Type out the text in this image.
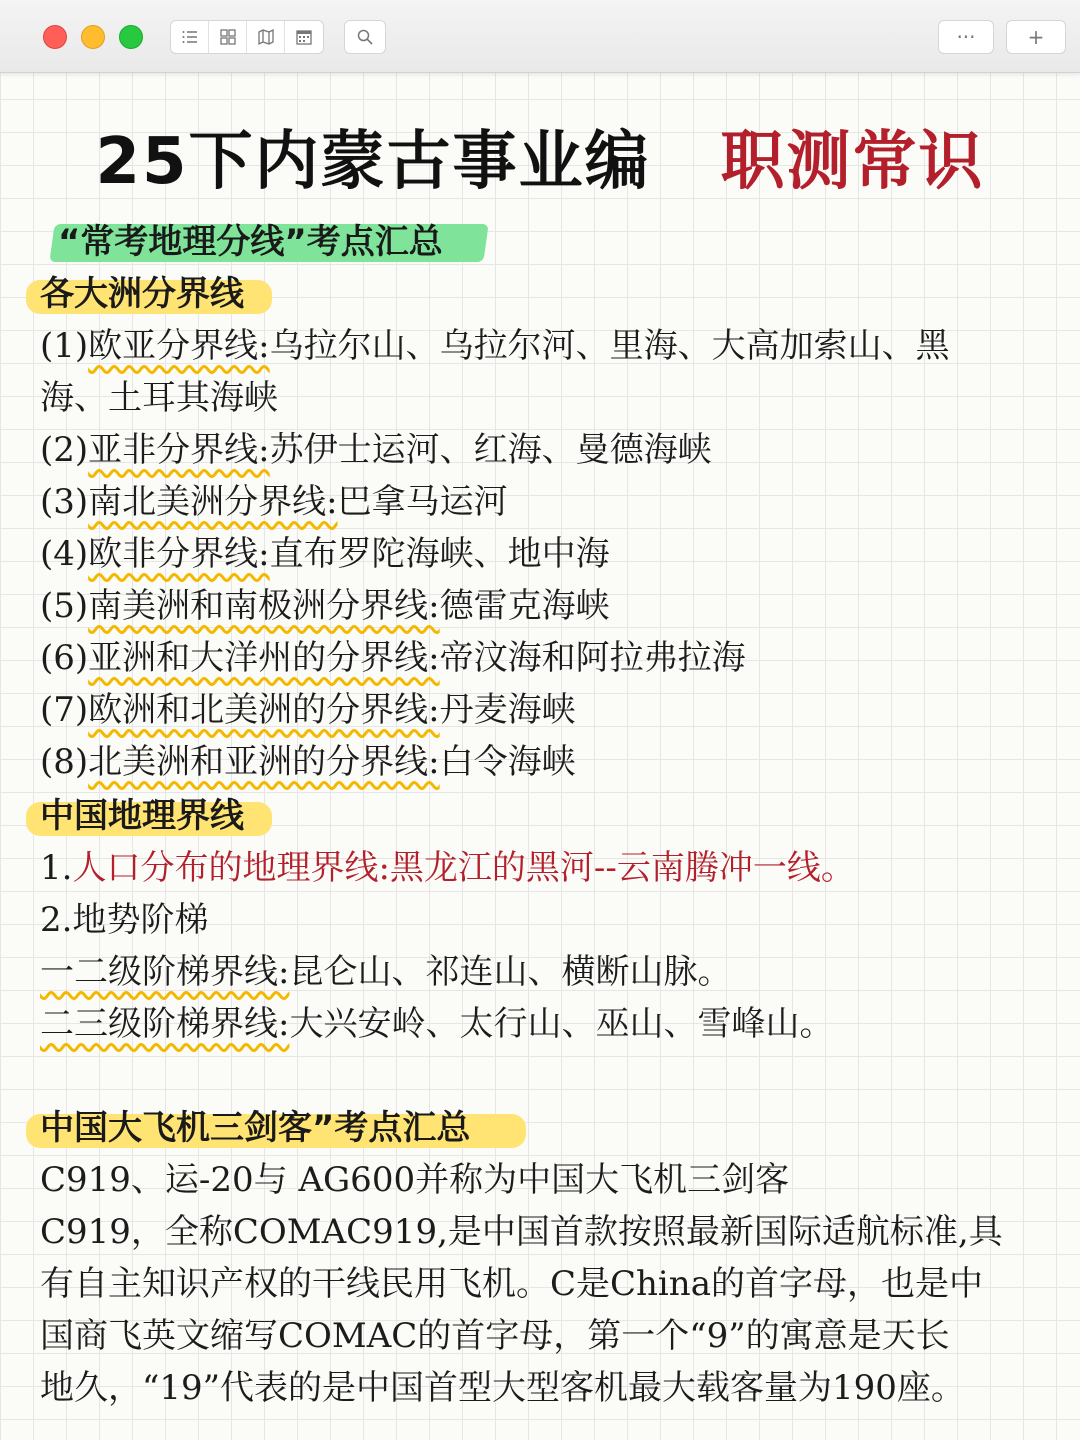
···	+
25下内蒙古事业编 职测常识
“常考地理分线”考点汇总
各大洲分界线
(1)欧亚分界线:乌拉尔山、乌拉尔河、里海、大高加索山、黑
海、土耳其海峡
(2)亚非分界线:苏伊士运河、红海、曼德海峡
(3)南北美洲分界线:巴拿马运河
(4)欧非分界线:直布罗陀海峡、地中海
(5)南美洲和南极洲分界线:德雷克海峡
(6)亚洲和大洋州的分界线:帝汶海和阿拉弗拉海
(7)欧洲和北美洲的分界线:丹麦海峡
(8)北美洲和亚洲的分界线:白令海峡
中国地理界线
1.人口分布的地理界线:黑龙江的黑河--云南腾冲一线。
2.地势阶梯
一二级阶梯界线:昆仑山、祁连山、横断山脉。
二三级阶梯界线:大兴安岭、太行山、巫山、雪峰山。
中国大飞机三剑客”考点汇总
C919、运-20与 AG600并称为中国大飞机三剑客
C919，全称COMAC919,是中国首款按照最新国际适航标准,具
有自主知识产权的干线民用飞机。C是China的首字母，也是中
国商飞英文缩写COMAC的首字母，第一个“9”的寓意是天长
地久，“19”代表的是中国首型大型客机最大载客量为190座。
